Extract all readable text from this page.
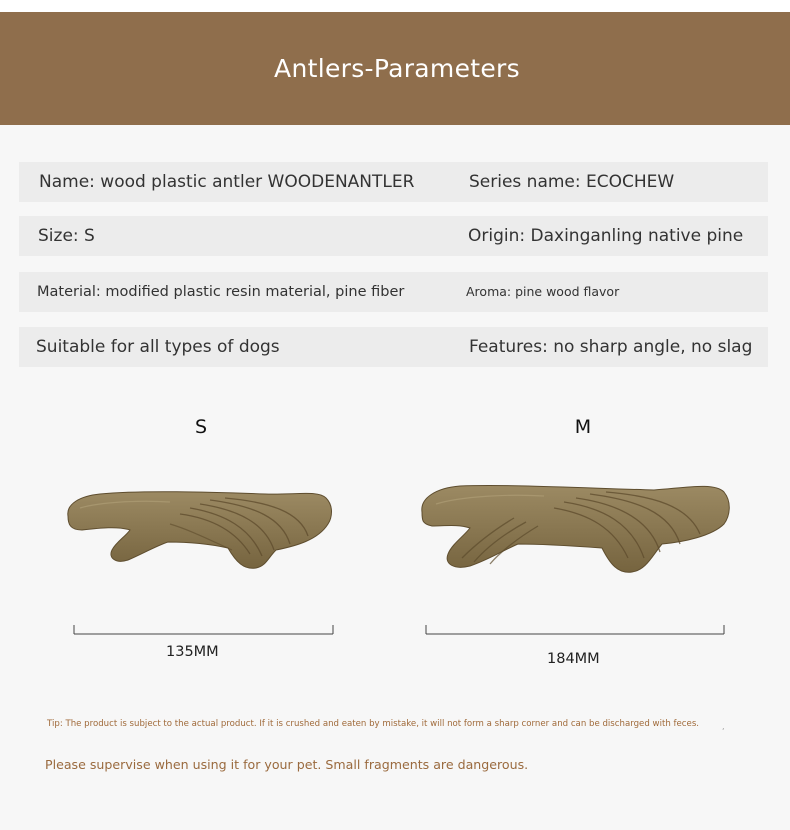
Antlers-Parameters
Name: wood plastic antler WOODENANTLER	Series name: ECOCHEW
Size: S	Origin: Daxinganling native pine
Material: modified plastic resin material, pine fiber	Aroma: pine wood flavor
Suitable for all types of dogs	Features: no sharp angle, no slag
S	M
135MM	184MM
Tip: The product is subject to the actual product. If it is crushed and eaten by mistake, it will not form a sharp corner and can be discharged with feces.	,
Please supervise when using it for your pet. Small fragments are dangerous.
